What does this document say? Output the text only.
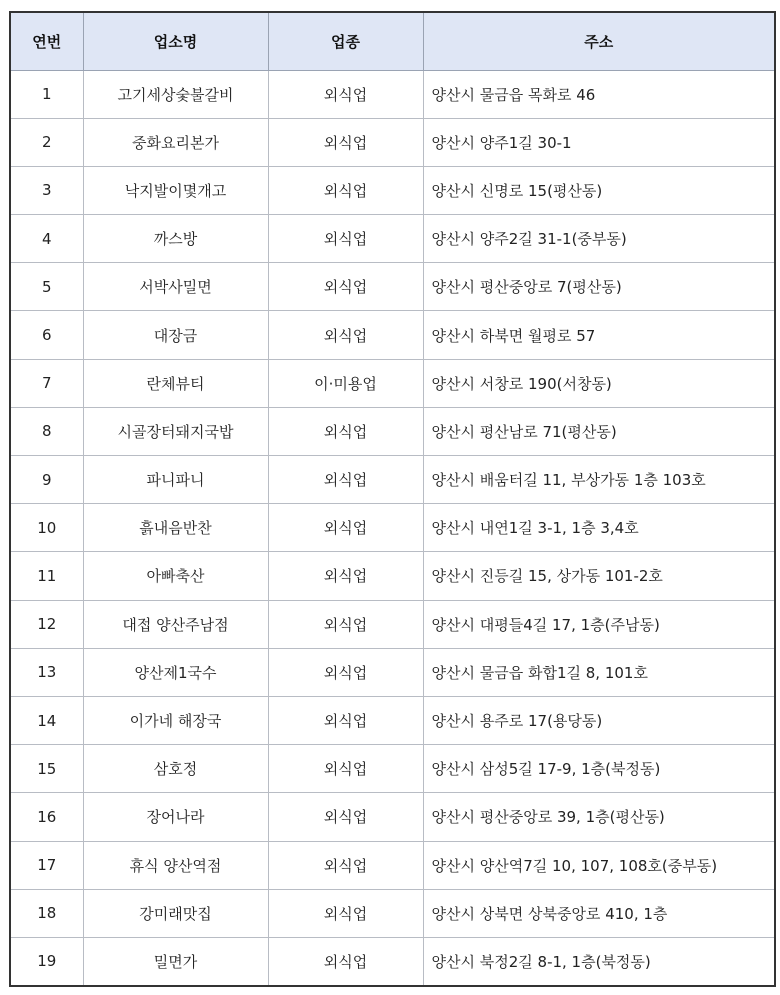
연번	업소명	업종	주소
1	고기세상숯불갈비	외식업	양산시 물금읍 목화로 46
2	중화요리본가	외식업	양산시 양주1길 30-1
3	낙지발이몇개고	외식업	양산시 신명로 15(평산동)
4	까스방	외식업	양산시 양주2길 31-1(중부동)
5	서박사밀면	외식업	양산시 평산중앙로 7(평산동)
6	대장금	외식업	양산시 하북면 월평로 57
7	란체뷰티	이·미용업	양산시 서창로 190(서창동)
8	시골장터돼지국밥	외식업	양산시 평산남로 71(평산동)
9	파니파니	외식업	양산시 배움터길 11, 부상가동 1층 103호
10	흙내음반찬	외식업	양산시 내연1길 3-1, 1층 3,4호
11	아빠축산	외식업	양산시 진등길 15, 상가동 101-2호
12	대접 양산주남점	외식업	양산시 대평들4길 17, 1층(주남동)
13	양산제1국수	외식업	양산시 물금읍 화합1길 8, 101호
14	이가네 해장국	외식업	양산시 용주로 17(용당동)
15	삼호정	외식업	양산시 삼성5길 17-9, 1층(북정동)
16	장어나라	외식업	양산시 평산중앙로 39, 1층(평산동)
17	휴식 양산역점	외식업	양산시 양산역7길 10, 107, 108호(중부동)
18	강미래맛집	외식업	양산시 상북면 상북중앙로 410, 1층
19	밀면가	외식업	양산시 북정2길 8-1, 1층(북정동)
